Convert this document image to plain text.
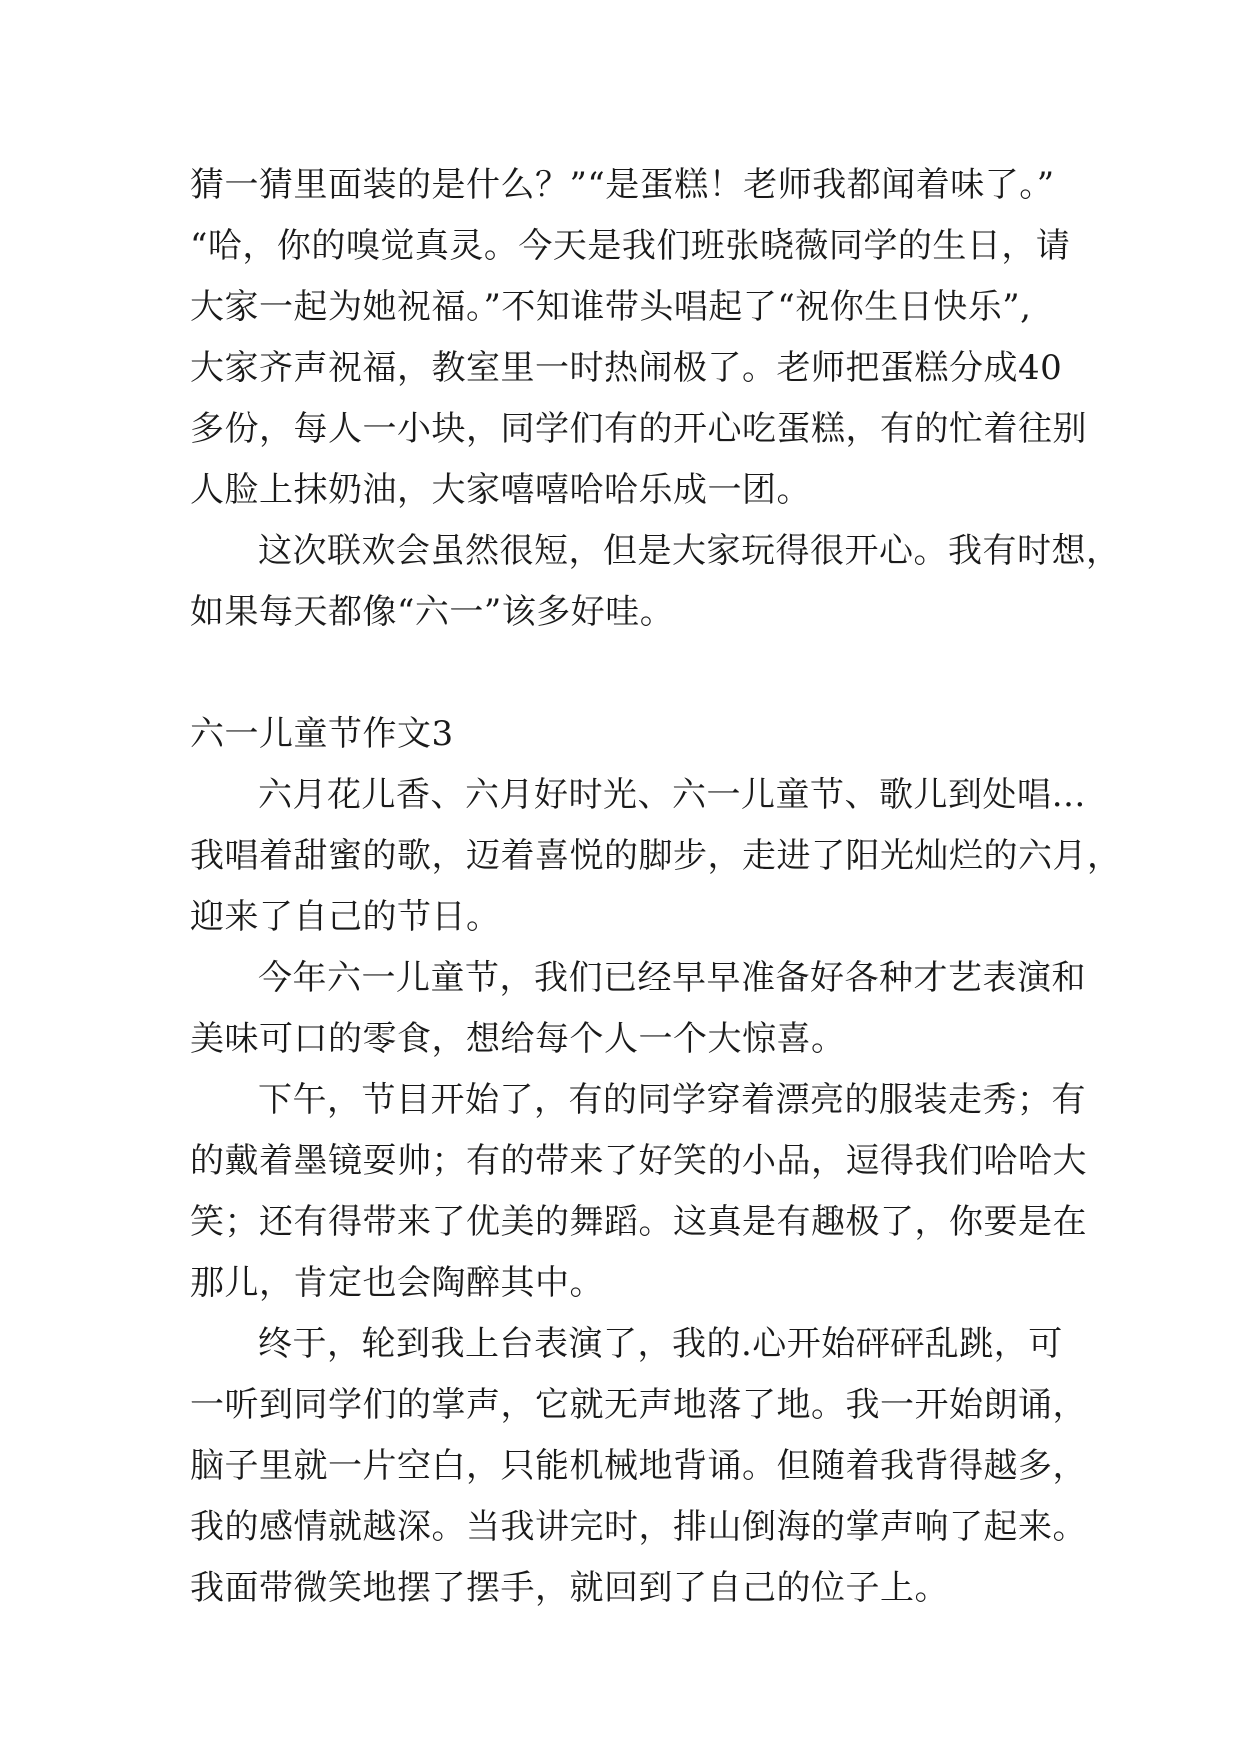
猜一猜里面装的是什么？”“是蛋糕！老师我都闻着味了。”
“哈，你的嗅觉真灵。今天是我们班张晓薇同学的生日，请
大家一起为她祝福。”不知谁带头唱起了“祝你生日快乐”,
大家齐声祝福，教室里一时热闹极了。老师把蛋糕分成40
多份，每人一小块，同学们有的开心吃蛋糕，有的忙着往别
人脸上抹奶油，大家嘻嘻哈哈乐成一团。
这次联欢会虽然很短，但是大家玩得很开心。我有时想，
如果每天都像“六一”该多好哇。
六一儿童节作文3
六月花儿香、六月好时光、六一儿童节、歌儿到处唱…
我唱着甜蜜的歌，迈着喜悦的脚步，走进了阳光灿烂的六月，
迎来了自己的节日。
今年六一儿童节，我们已经早早准备好各种才艺表演和
美味可口的零食，想给每个人一个大惊喜。
下午，节目开始了，有的同学穿着漂亮的服装走秀；有
的戴着墨镜耍帅；有的带来了好笑的小品，逗得我们哈哈大
笑；还有得带来了优美的舞蹈。这真是有趣极了，你要是在
那儿，肯定也会陶醉其中。
终于，轮到我上台表演了，我的.心开始砰砰乱跳，可
一听到同学们的掌声，它就无声地落了地。我一开始朗诵，
脑子里就一片空白，只能机械地背诵。但随着我背得越多，
我的感情就越深。当我讲完时，排山倒海的掌声响了起来。
我面带微笑地摆了摆手，就回到了自己的位子上。
